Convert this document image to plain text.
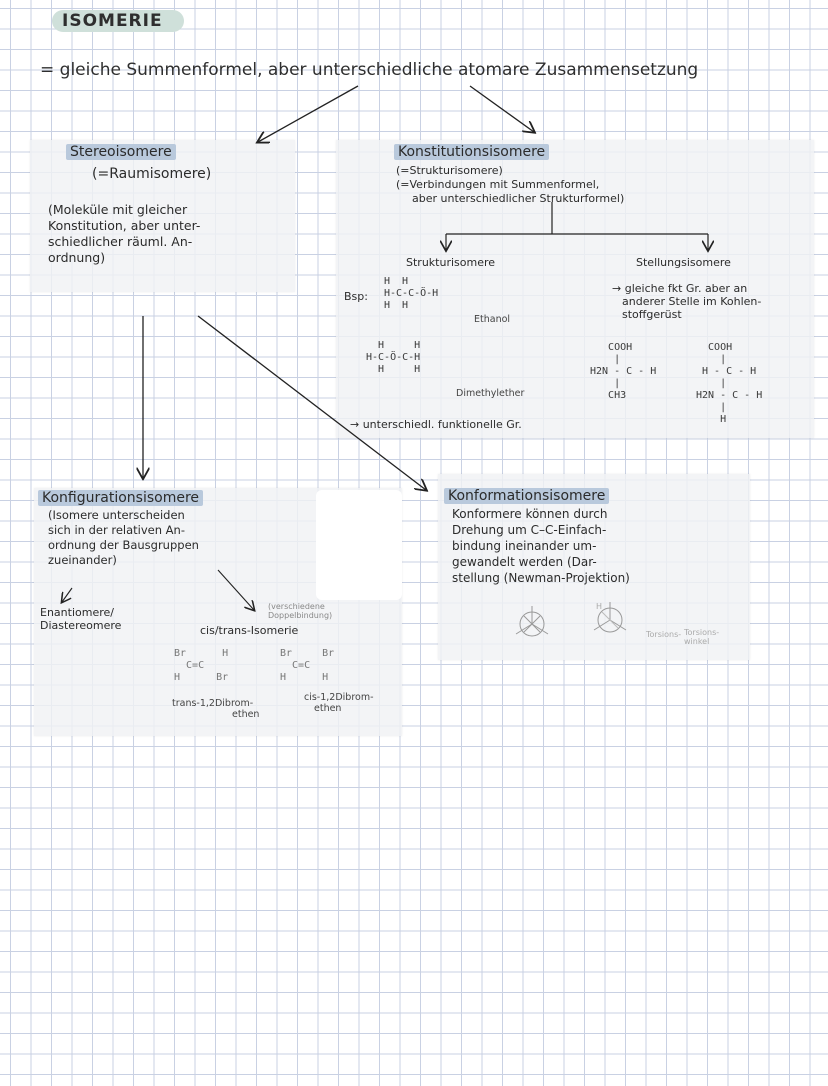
ISOMERIE
= gleiche Summenformel, aber unterschiedliche atomare Zusammensetzung
Stereoisomere
(=Raumisomere)
(Moleküle mit gleicher
Konstitution, aber unter-
schiedlicher räuml. An-
ordnung)
Konstitutionsisomere
(=Strukturisomere)
(=Verbindungen mit Summenformel,
aber unterschiedlicher Strukturformel)
Strukturisomere	Stellungsisomere
Bsp:
H  H
H-C-C-Ö-H
H  H
Ethanol
H     H
H-C-Ö-C-H
H     H
Dimethylether
→ unterschiedl. funktionelle Gr.
→ gleiche fkt Gr. aber an
anderer Stelle im Kohlen-
stoffgerüst
COOH
|
H2N - C - H
|
CH3
COOH
|
H - C - H
|
H2N - C - H
|
H
Konfigurationsisomere
(Isomere unterscheiden
sich in der relativen An-
ordnung der Bausgruppen
zueinander)
Enantiomere/
Diastereomere	cis/trans-Isomerie
(verschiedene
Doppelbindung)
Br      H
C=C
H      Br
Br     Br
C=C
H      H
trans-1,2Dibrom-
ethen
cis-1,2Dibrom-
ethen
Konformationsisomere
Konformere können durch
Drehung um C–C-Einfach-
bindung ineinander um-
gewandelt werden (Dar-
stellung (Newman-Projektion)
H
Torsions- Torsions-
winkel
